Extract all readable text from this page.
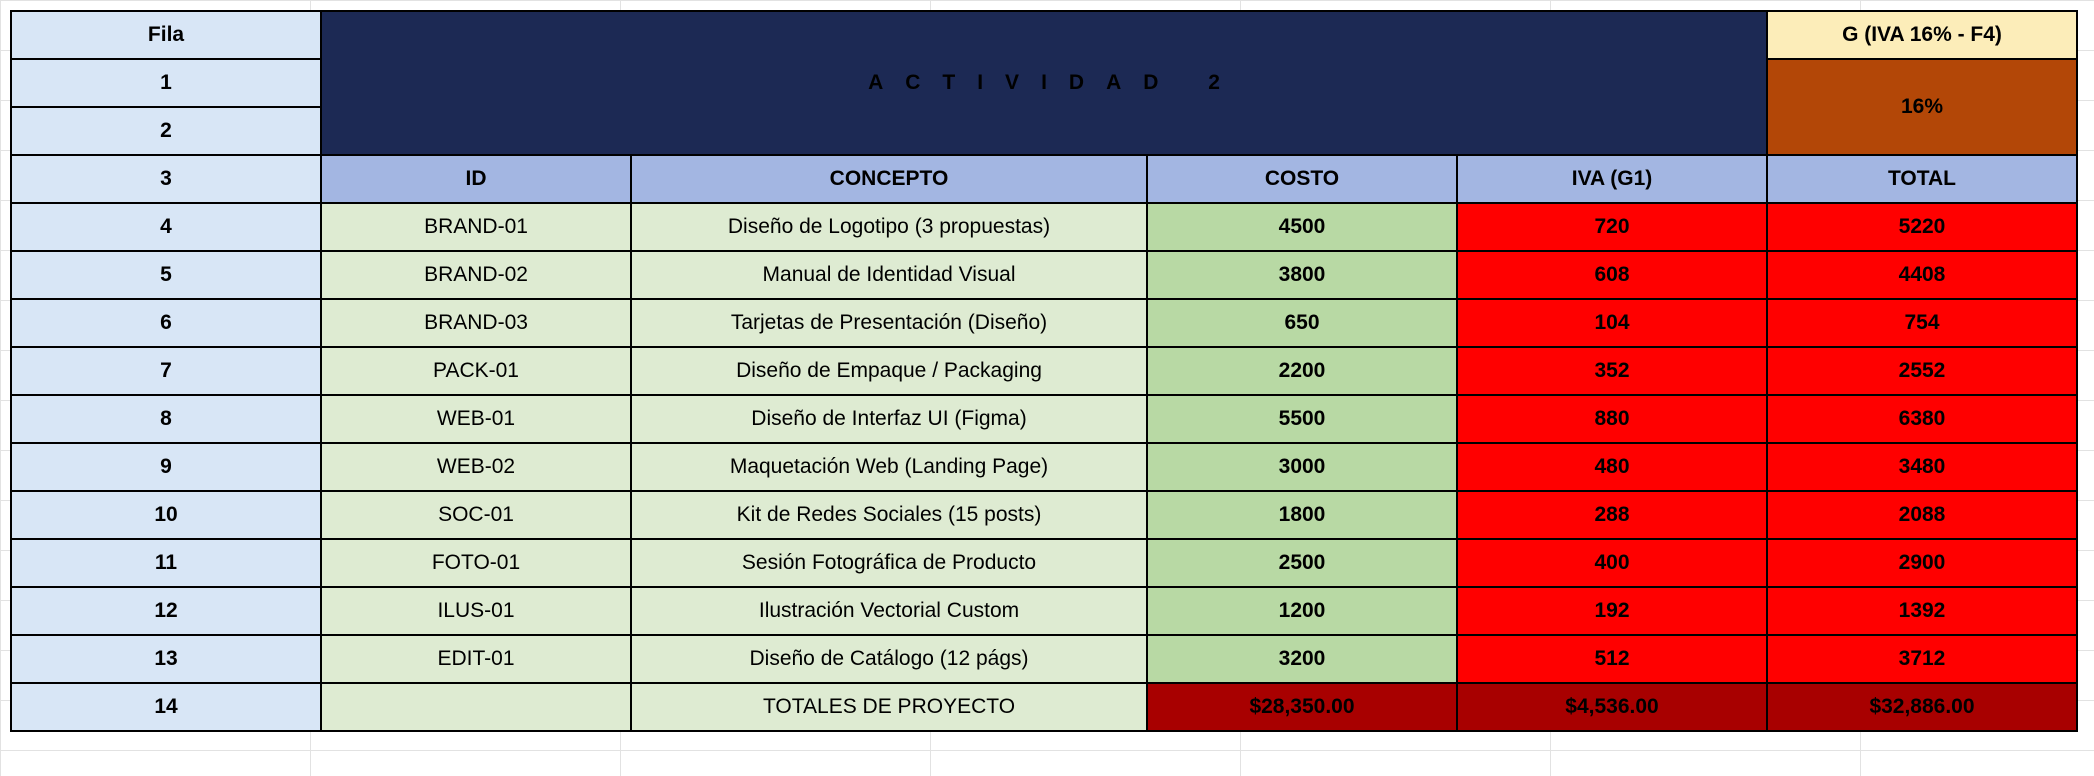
Fila	ACTIVIDAD 2				G (IVA 16% - F4)
1					16%
2					
3	ID	CONCEPTO	COSTO	IVA (G1)	TOTAL
4	BRAND-01	Diseño de Logotipo (3 propuestas)	4500	720	5220
5	BRAND-02	Manual de Identidad Visual	3800	608	4408
6	BRAND-03	Tarjetas de Presentación (Diseño)	650	104	754
7	PACK-01	Diseño de Empaque / Packaging	2200	352	2552
8	WEB-01	Diseño de Interfaz UI (Figma)	5500	880	6380
9	WEB-02	Maquetación Web (Landing Page)	3000	480	3480
10	SOC-01	Kit de Redes Sociales (15 posts)	1800	288	2088
11	FOTO-01	Sesión Fotográfica de Producto	2500	400	2900
12	ILUS-01	Ilustración Vectorial Custom	1200	192	1392
13	EDIT-01	Diseño de Catálogo (12 págs)	3200	512	3712
14		TOTALES DE PROYECTO	$28,350.00	$4,536.00	$32,886.00
